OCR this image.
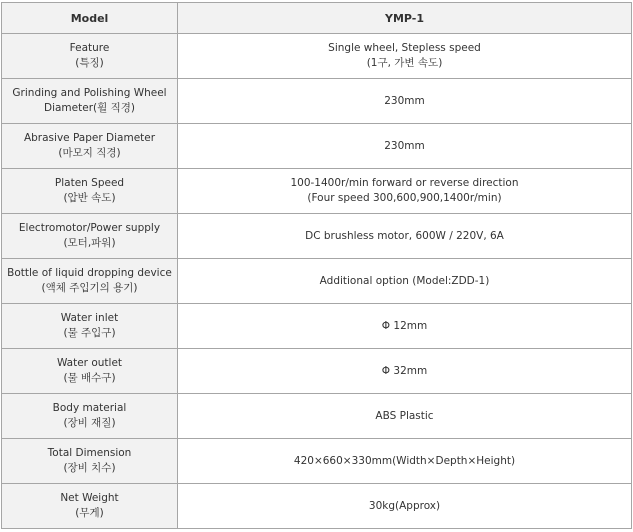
Model	YMP-1

Feature
(특징)	Single wheel, Stepless speed
(1구, 가변 속도)

Grinding and Polishing Wheel
Diameter(휠 직경)	230mm

Abrasive Paper Diameter
(마모지 직경)	230mm

Platen Speed
(압반 속도)	100-1400r/min forward or reverse direction
(Four speed 300,600,900,1400r/min)

Electromotor/Power supply
(모터,파워)	DC brushless motor, 600W / 220V, 6A

Bottle of liquid dropping device
(액체 주입기의 용기)	Additional option (Model:ZDD-1)

Water inlet
(물 주입구)	Φ 12mm

Water outlet
(물 배수구)	Φ 32mm

Body material
(장비 재질)	ABS Plastic

Total Dimension
(장비 치수)	420×660×330mm(Width×Depth×Height)

Net Weight
(무게)	30kg(Approx)
